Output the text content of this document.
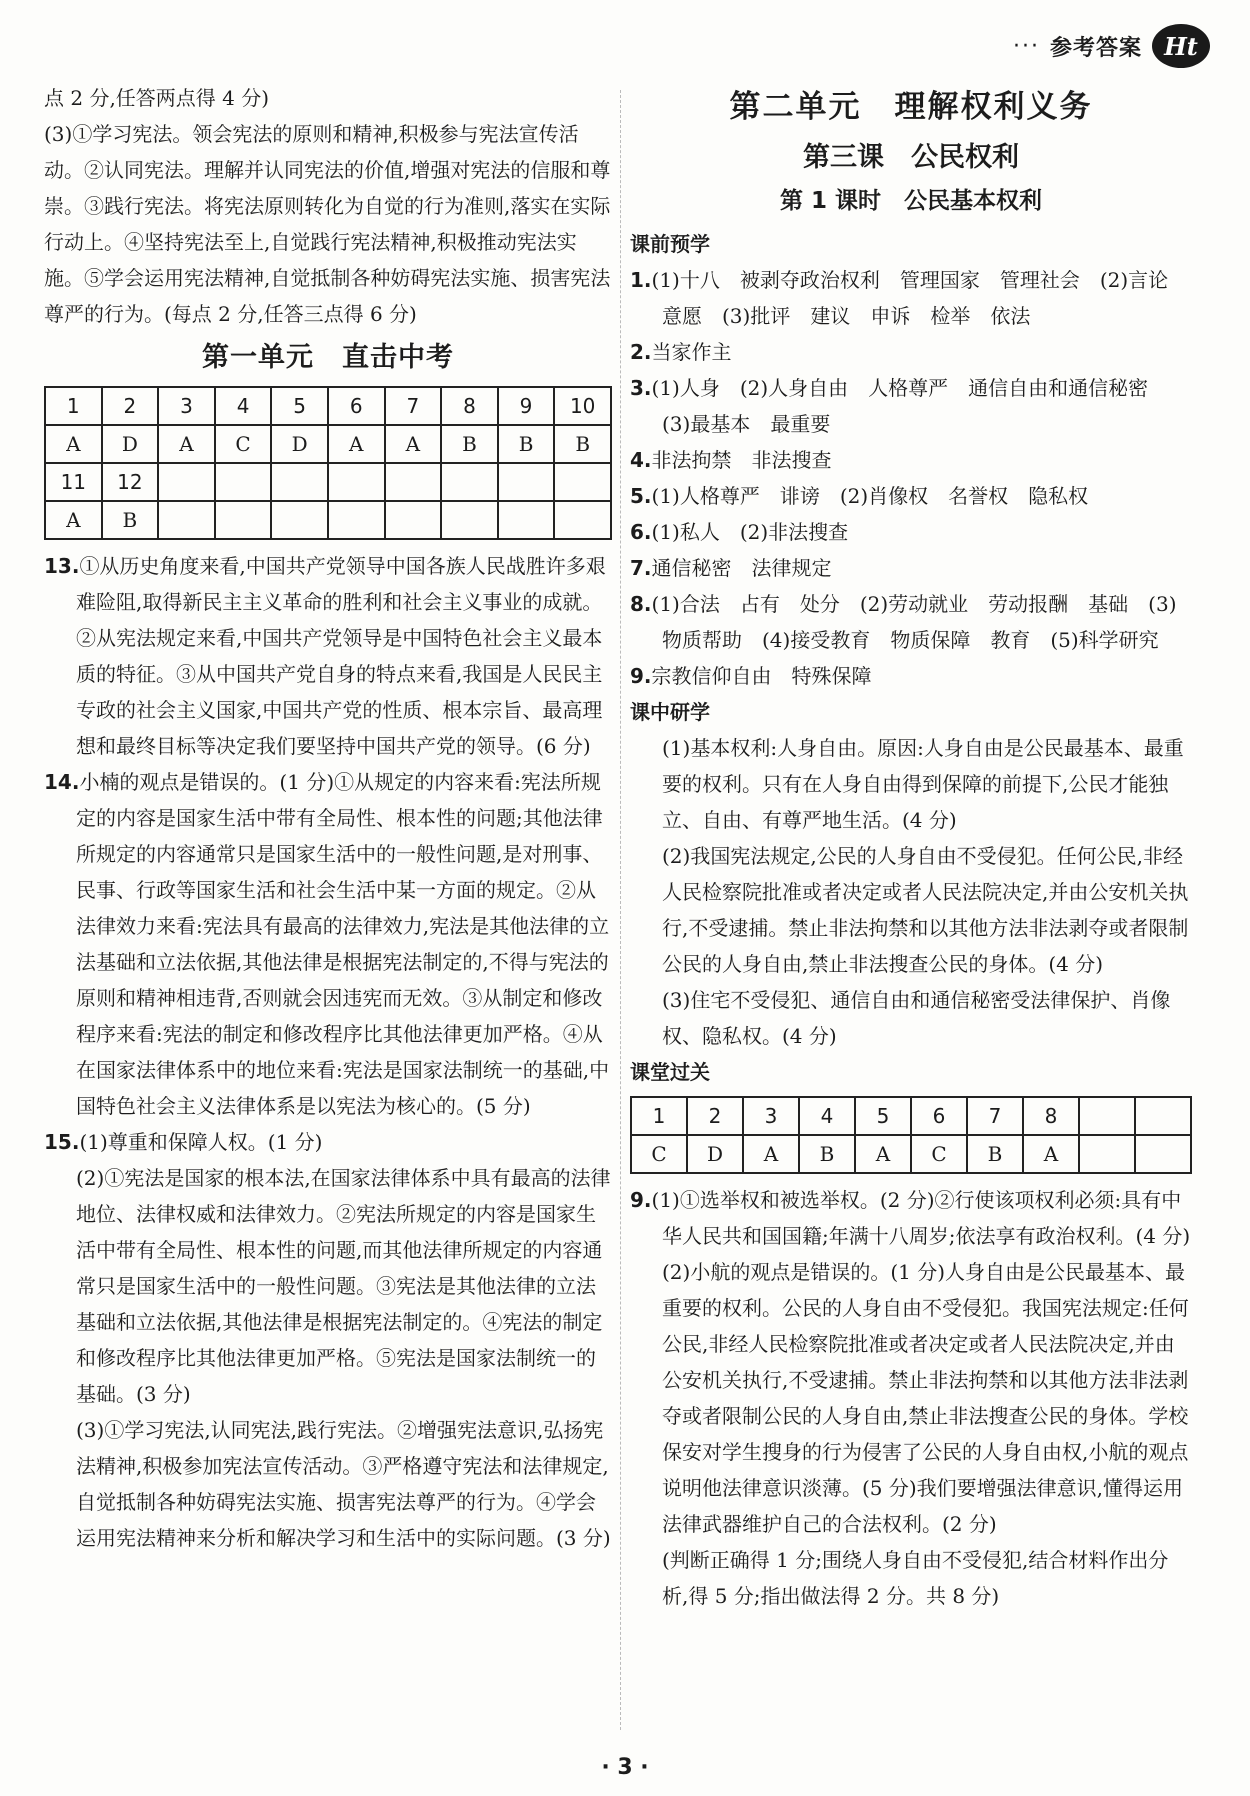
··· 参考答案 Ht

点 2 分,任答两点得 4 分)

(3)①学习宪法。领会宪法的原则和精神,积极参与宪法宣传活动。②认同宪法。理解并认同宪法的价值,增强对宪法的信服和尊崇。③践行宪法。将宪法原则转化为自觉的行为准则,落实在实际行动上。④坚持宪法至上,自觉践行宪法精神,积极推动宪法实施。⑤学会运用宪法精神,自觉抵制各种妨碍宪法实施、损害宪法尊严的行为。(每点 2 分,任答三点得 6 分)

第一单元　直击中考
1	2	3	4	5	6	7	8	9	10
A	D	A	C	D	A	A	B	B	B
11	12								
A	B								

13.①从历史角度来看,中国共产党领导中国各族人民战胜许多艰难险阻,取得新民主主义革命的胜利和社会主义事业的成就。②从宪法规定来看,中国共产党领导是中国特色社会主义最本质的特征。③从中国共产党自身的特点来看,我国是人民民主专政的社会主义国家,中国共产党的性质、根本宗旨、最高理想和最终目标等决定我们要坚持中国共产党的领导。(6 分)

14.小楠的观点是错误的。(1 分)①从规定的内容来看:宪法所规定的内容是国家生活中带有全局性、根本性的问题;其他法律所规定的内容通常只是国家生活中的一般性问题,是对刑事、民事、行政等国家生活和社会生活中某一方面的规定。②从法律效力来看:宪法具有最高的法律效力,宪法是其他法律的立法基础和立法依据,其他法律是根据宪法制定的,不得与宪法的原则和精神相违背,否则就会因违宪而无效。③从制定和修改程序来看:宪法的制定和修改程序比其他法律更加严格。④从在国家法律体系中的地位来看:宪法是国家法制统一的基础,中国特色社会主义法律体系是以宪法为核心的。(5 分)

15.(1)尊重和保障人权。(1 分)

(2)①宪法是国家的根本法,在国家法律体系中具有最高的法律地位、法律权威和法律效力。②宪法所规定的内容是国家生活中带有全局性、根本性的问题,而其他法律所规定的内容通常只是国家生活中的一般性问题。③宪法是其他法律的立法基础和立法依据,其他法律是根据宪法制定的。④宪法的制定和修改程序比其他法律更加严格。⑤宪法是国家法制统一的基础。(3 分)

(3)①学习宪法,认同宪法,践行宪法。②增强宪法意识,弘扬宪法精神,积极参加宪法宣传活动。③严格遵守宪法和法律规定,自觉抵制各种妨碍宪法实施、损害宪法尊严的行为。④学会运用宪法精神来分析和解决学习和生活中的实际问题。(3 分)

第二单元　理解权利义务
第三课　公民权利
第 1 课时　公民基本权利
课前预学

1.(1)十八　被剥夺政治权利　管理国家　管理社会　(2)言论　意愿　(3)批评　建议　申诉　检举　依法

2.当家作主

3.(1)人身　(2)人身自由　人格尊严　通信自由和通信秘密　(3)最基本　最重要

4.非法拘禁　非法搜查

5.(1)人格尊严　诽谤　(2)肖像权　名誉权　隐私权

6.(1)私人　(2)非法搜查

7.通信秘密　法律规定

8.(1)合法　占有　处分　(2)劳动就业　劳动报酬　基础　(3)物质帮助　(4)接受教育　物质保障　教育　(5)科学研究

9.宗教信仰自由　特殊保障

课中研学

(1)基本权利:人身自由。原因:人身自由是公民最基本、最重要的权利。只有在人身自由得到保障的前提下,公民才能独立、自由、有尊严地生活。(4 分)

(2)我国宪法规定,公民的人身自由不受侵犯。任何公民,非经人民检察院批准或者决定或者人民法院决定,并由公安机关执行,不受逮捕。禁止非法拘禁和以其他方法非法剥夺或者限制公民的人身自由,禁止非法搜查公民的身体。(4 分)

(3)住宅不受侵犯、通信自由和通信秘密受法律保护、肖像权、隐私权。(4 分)

课堂过关
1	2	3	4	5	6	7	8		
C	D	A	B	A	C	B	A		

9.(1)①选举权和被选举权。(2 分)②行使该项权利必须:具有中华人民共和国国籍;年满十八周岁;依法享有政治权利。(4 分)

(2)小航的观点是错误的。(1 分)人身自由是公民最基本、最重要的权利。公民的人身自由不受侵犯。我国宪法规定:任何公民,非经人民检察院批准或者决定或者人民法院决定,并由公安机关执行,不受逮捕。禁止非法拘禁和以其他方法非法剥夺或者限制公民的人身自由,禁止非法搜查公民的身体。学校保安对学生搜身的行为侵害了公民的人身自由权,小航的观点说明他法律意识淡薄。(5 分)我们要增强法律意识,懂得运用法律武器维护自己的合法权利。(2 分)

(判断正确得 1 分;围绕人身自由不受侵犯,结合材料作出分析,得 5 分;指出做法得 2 分。共 8 分)

· 3 ·
